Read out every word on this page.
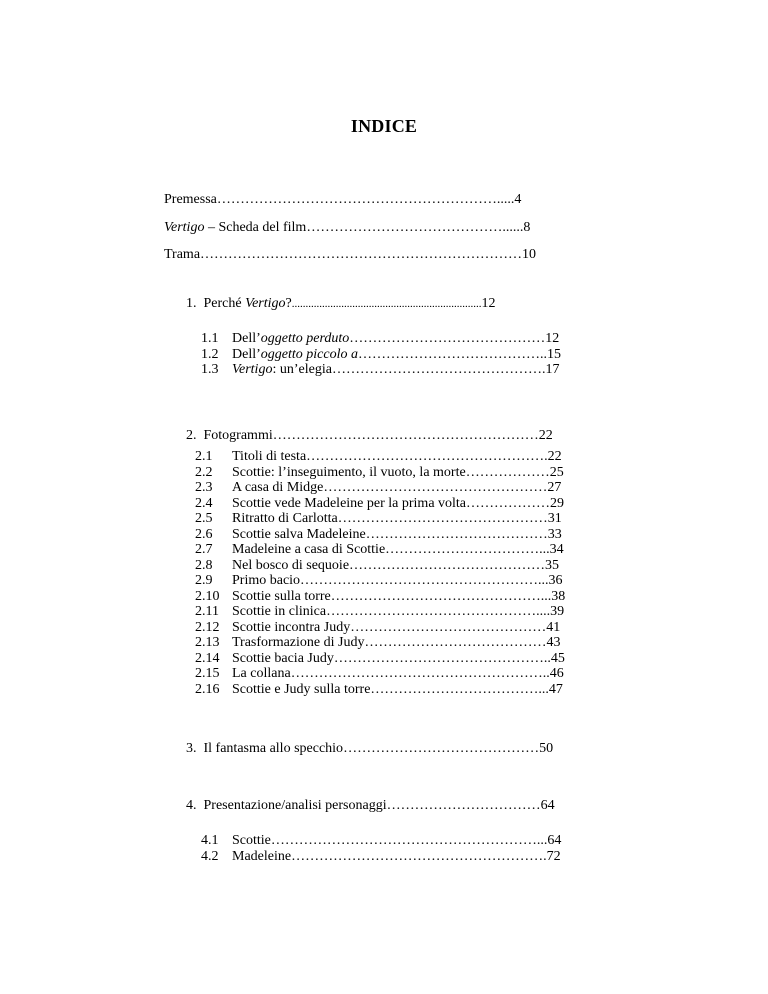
INDICE
Premessa…………………………………………………….....4
Vertigo – Scheda del film……………………………………......8
Trama……………………………………………………………10
1. Perché Vertigo?.....................................................................12
1.1 Dell’oggetto perduto……………………………………12
1.2 Dell’oggetto piccolo a…………………………………..15
1.3 Vertigo: un’elegia……………………………………….17
2. Fotogrammi…………………………………………………22
2.1 Titoli di testa…………………………………………….22
2.2 Scottie: l’inseguimento, il vuoto, la morte………………25
2.3 A casa di Midge…………………………………………27
2.4 Scottie vede Madeleine per la prima volta………………29
2.5 Ritratto di Carlotta………………………………………31
2.6 Scottie salva Madeleine…………………………………33
2.7 Madeleine a casa di Scottie……………………………...34
2.8 Nel bosco di sequoie……………………………………35
2.9 Primo bacio……………………………………………...36
2.10 Scottie sulla torre………………………………………...38
2.11 Scottie in clinica………………………………………....39
2.12 Scottie incontra Judy……………………………………41
2.13 Trasformazione di Judy…………………………………43
2.14 Scottie bacia Judy………………………………………..45
2.15 La collana………………………………………………..46
2.16 Scottie e Judy sulla torre………………………………...47
3. Il fantasma allo specchio……………………………………50
4. Presentazione/analisi personaggi……………………………64
4.1 Scottie…………………………………………………...64
4.2 Madeleine……………………………………………….72
